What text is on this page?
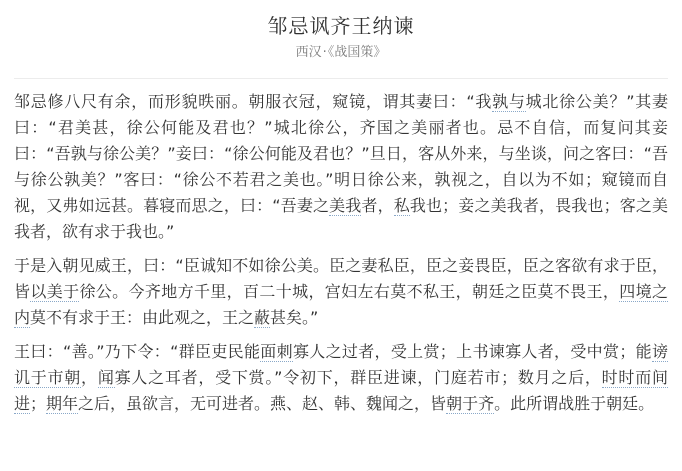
邹忌讽齐王纳谏
西汉·《战国策》

邹忌修八尺有余，而形貌昳丽。朝服衣冠，窥镜，谓其妻曰：“我孰与城北徐公美？”其妻曰：“君美甚，徐公何能及君也？”城北徐公，齐国之美丽者也。忌不自信，而复问其妾曰：“吾孰与徐公美？”妾曰：“徐公何能及君也？”旦日，客从外来，与坐谈，问之客曰：“吾与徐公孰美？”客曰：“徐公不若君之美也。”明日徐公来，孰视之，自以为不如；窥镜而自视，又弗如远甚。暮寝而思之，曰：“吾妻之美我者，私我也；妾之美我者，畏我也；客之美我者，欲有求于我也。”

于是入朝见威王，曰：“臣诚知不如徐公美。臣之妻私臣，臣之妾畏臣，臣之客欲有求于臣，皆以美于徐公。今齐地方千里，百二十城，宫妇左右莫不私王，朝廷之臣莫不畏王，四境之内莫不有求于王：由此观之，王之蔽甚矣。”

王曰：“善。”乃下令：“群臣吏民能面刺寡人之过者，受上赏；上书谏寡人者，受中赏；能谤讥于市朝，闻寡人之耳者，受下赏。”令初下，群臣进谏，门庭若市；数月之后，时时而间进；期年之后，虽欲言，无可进者。燕、赵、韩、魏闻之，皆朝于齐。此所谓战胜于朝廷。
